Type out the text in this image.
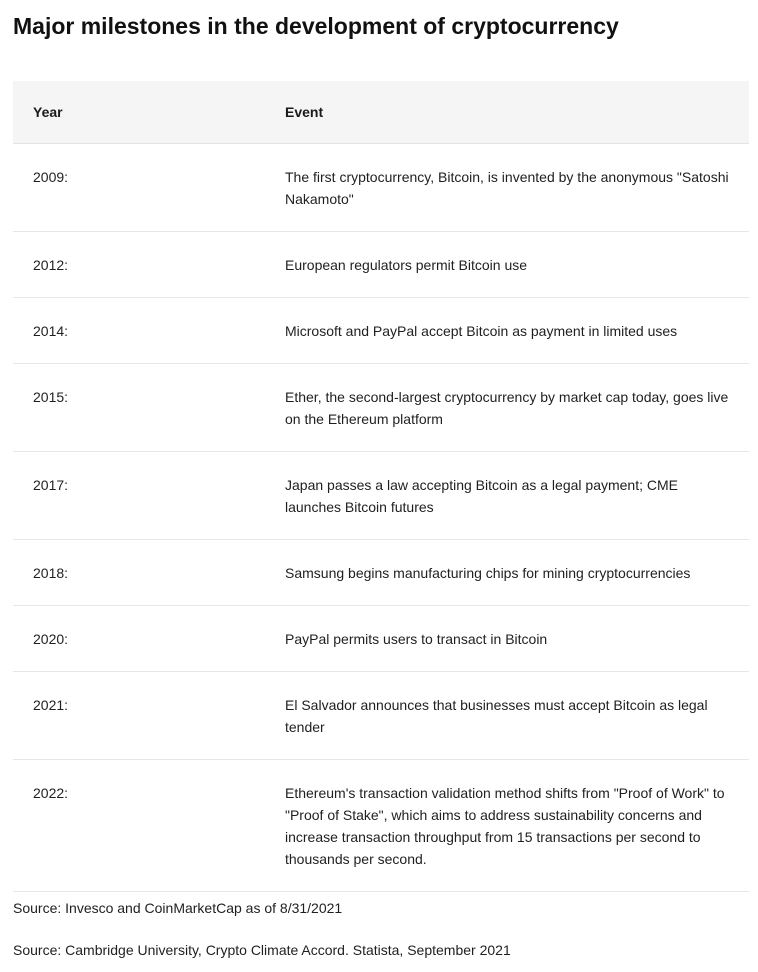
Major milestones in the development of cryptocurrency
Year	Event
2009:	The first cryptocurrency, Bitcoin, is invented by the anonymous "Satoshi Nakamoto"
2012:	European regulators permit Bitcoin use
2014:	Microsoft and PayPal accept Bitcoin as payment in limited uses
2015:	Ether, the second-largest cryptocurrency by market cap today, goes live on the Ethereum platform
2017:	Japan passes a law accepting Bitcoin as a legal payment; CME launches Bitcoin futures
2018:	Samsung begins manufacturing chips for mining cryptocurrencies
2020:	PayPal permits users to transact in Bitcoin
2021:	El Salvador announces that businesses must accept Bitcoin as legal tender
2022:	Ethereum's transaction validation method shifts from "Proof of Work" to "Proof of Stake", which aims to address sustainability concerns and increase transaction throughput from 15 transactions per second to thousands per second.

Source: Invesco and CoinMarketCap as of 8/31/2021

Source: Cambridge University, Crypto Climate Accord. Statista, September 2021
